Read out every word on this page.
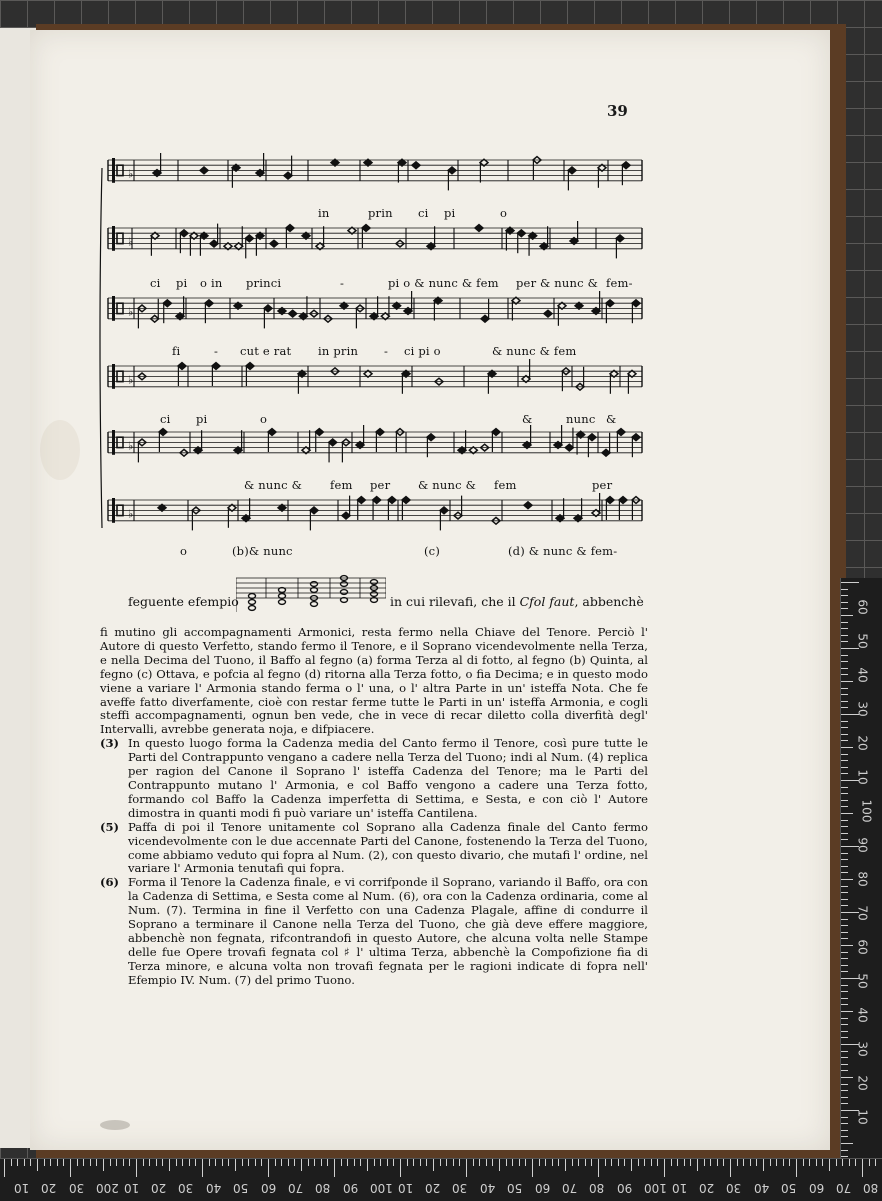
39
♭
♭
♭
♭
♭
♭
in	prin ci pi	o
ci pi o in princi	-	pi o & nunc & fem per & nunc & fem-
fi	- cut e rat in prin - ci pi o	& nunc & fem
ci pi	o	&	nunc &
& nunc & fem per & nunc & fem	per
o	(b)& nunc	(c)	(d) & nunc & fem-
feguente efempio	in cui rilevafi, che il Cfol faut, abbenchè

fi mutino gli accompagnamenti Armonici, resta fermo nella Chiave del Tenore. Perciò l' Autore di questo Verfetto, stando fermo il Tenore, e il Soprano vicendevolmente nella Terza, e nella Decima del Tuono, il Baffo al fegno (a) forma Terza al di fotto, al fegno (b) Quinta, al fegno (c) Ottava, e pofcia al fegno (d) ritorna alla Terza fotto, o fia Decima; e in questo modo viene a variare l' Armonia stando ferma o l' una, o l' altra Parte in un' isteffa Nota. Che fe aveffe fatto diverfamente, cioè con restar ferme tutte le Parti in un' isteffa Armonia, e cogli steffi accompagnamenti, ognun ben vede, che in vece di recar diletto colla diverfità degl' Intervalli, avrebbe generata noja, e difpiacere.

(3) In questo luogo forma la Cadenza media del Canto fermo il Tenore, così pure tutte le Parti del Contrappunto vengano a cadere nella Terza del Tuono; indi al Num. (4) replica per ragion del Canone il Soprano l' isteffa Cadenza del Tenore; ma le Parti del Contrappunto mutano l' Armonia, e col Baffo vengono a cadere una Terza fotto, formando col Baffo la Cadenza imperfetta di Settima, e Sesta, e con ciò l' Autore dimostra in quanti modi fi può variare un' isteffa Cantilena.

(5) Paffa di poi il Tenore unitamente col Soprano alla Cadenza finale del Canto fermo vicendevolmente con le due accennate Parti del Canone, fostenendo la Terza del Tuono, come abbiamo veduto qui fopra al Num. (2), con questo divario, che mutafi l' ordine, nel variare l' Armonia tenutafi qui fopra.

(6) Forma il Tenore la Cadenza finale, e vi corrifponde il Soprano, variando il Baffo, ora con la Cadenza di Settima, e Sesta come al Num. (6), ora con la Cadenza ordinaria, come al Num. (7). Termina in fine il Verfetto con una Cadenza Plagale, affine di condurre il Soprano a terminare il Canone nella Terza del Tuono, che già deve effere maggiore, abbenchè non fegnata, rifcontrandofi in questo Autore, che alcuna volta nelle Stampe delle fue Opere trovafi fegnata col ♯ l' ultima Terza, abbenchè la Compofizione fia di Terza minore, e alcuna volta non trovafi fegnata per le ragioni indicate di fopra nell' Efempio IV. Num. (7) del primo Tuono.

10 20 30 200 10 20 30 40 50 60 70 80 90 100 10 20 30 40 50 60 70 80 90 100 10 20 30 40 50 60 70 80
60
50
40
30
20
10
100
90
80
70
60
50
40
30
20
10
